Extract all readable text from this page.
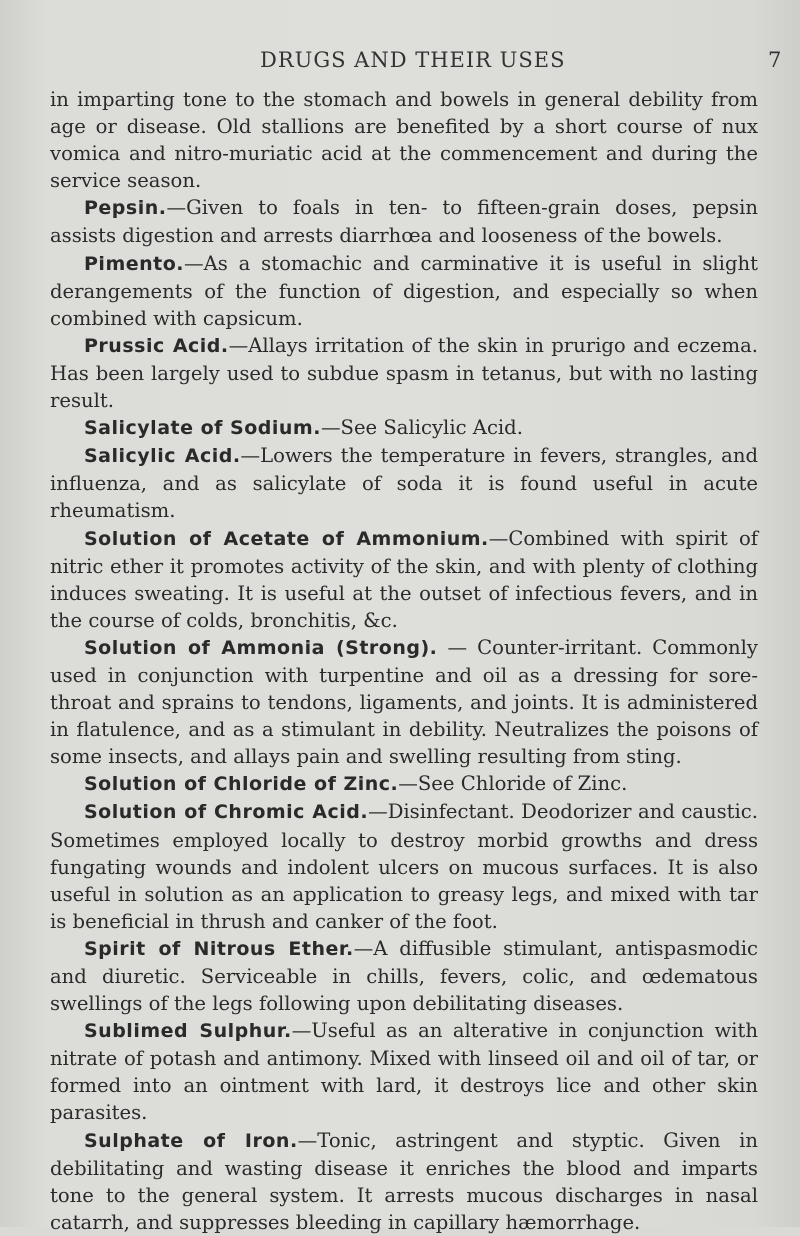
DRUGS AND THEIR USES	7

in imparting tone to the stomach and bowels in general debility from age or disease. Old stallions are benefited by a short course of nux vomica and nitro-muriatic acid at the commencement and during the service season.

Pepsin.—Given to foals in ten- to fifteen-grain doses, pepsin assists digestion and arrests diarrhœa and looseness of the bowels.

Pimento.—As a stomachic and carminative it is useful in slight derangements of the function of digestion, and especially so when combined with capsicum.

Prussic Acid.—Allays irritation of the skin in prurigo and eczema. Has been largely used to subdue spasm in tetanus, but with no lasting result.

Salicylate of Sodium.—See Salicylic Acid.

Salicylic Acid.—Lowers the temperature in fevers, strangles, and influenza, and as salicylate of soda it is found useful in acute rheumatism.

Solution of Acetate of Ammonium.—Combined with spirit of nitric ether it promotes activity of the skin, and with plenty of clothing induces sweating. It is useful at the outset of infectious fevers, and in the course of colds, bronchitis, &c.

Solution of Ammonia (Strong). — Counter-irritant. Commonly used in conjunction with turpentine and oil as a dressing for sore-throat and sprains to tendons, ligaments, and joints. It is administered in flatulence, and as a stimulant in debility. Neutralizes the poisons of some insects, and allays pain and swelling resulting from sting.

Solution of Chloride of Zinc.—See Chloride of Zinc.

Solution of Chromic Acid.—Disinfectant. Deodorizer and caustic. Sometimes employed locally to destroy morbid growths and dress fungating wounds and indolent ulcers on mucous surfaces. It is also useful in solution as an application to greasy legs, and mixed with tar is beneficial in thrush and canker of the foot.

Spirit of Nitrous Ether.—A diffusible stimulant, antispasmodic and diuretic. Serviceable in chills, fevers, colic, and œdematous swellings of the legs following upon debilitating diseases.

Sublimed Sulphur.—Useful as an alterative in conjunction with nitrate of potash and antimony. Mixed with linseed oil and oil of tar, or formed into an ointment with lard, it destroys lice and other skin parasites.

Sulphate of Iron.—Tonic, astringent and styptic. Given in debilitating and wasting disease it enriches the blood and imparts tone to the general system. It arrests mucous discharges in nasal catarrh, and suppresses bleeding in capillary hæmorrhage.
